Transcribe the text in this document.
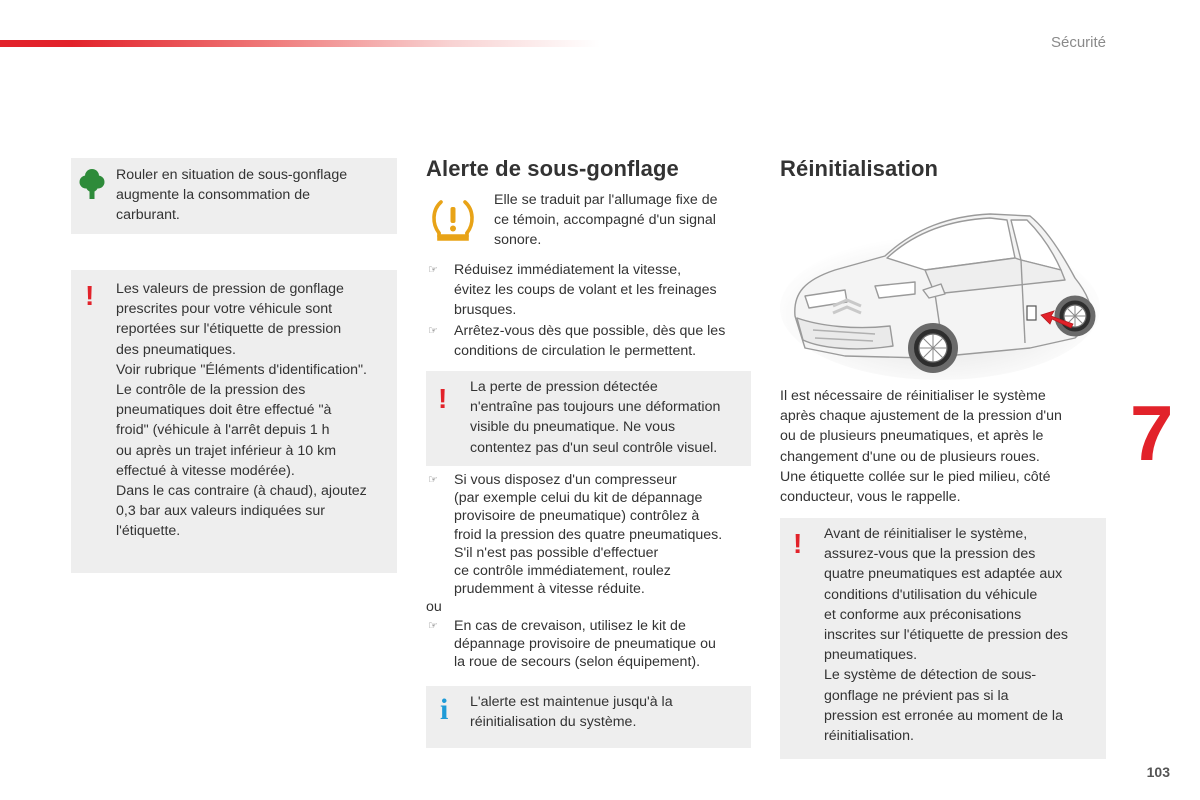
Sécurité
7
103

Rouler en situation de sous-gonflage

augmente la consommation de

carburant.

! Les valeurs de pression de gonflage

prescrites pour votre véhicule sont

reportées sur l'étiquette de pression

des pneumatiques.

Voir rubrique "Éléments d'identification".

Le contrôle de la pression des

pneumatiques doit être effectué "à

froid" (véhicule à l'arrêt depuis 1 h

ou après un trajet inférieur à 10 km

effectué à vitesse modérée).

Dans le cas contraire (à chaud), ajoutez

0,3 bar aux valeurs indiquées sur

l'étiquette.

Alerte de sous-gonflage

Elle se traduit par l'allumage fixe de

ce témoin, accompagné d'un signal

sonore.

☞ Réduisez immédiatement la vitesse,

évitez les coups de volant et les freinages

brusques.

☞ Arrêtez-vous dès que possible, dès que les

conditions de circulation le permettent.

! La perte de pression détectée

n'entraîne pas toujours une déformation

visible du pneumatique. Ne vous

contentez pas d'un seul contrôle visuel.

☞ Si vous disposez d'un compresseur

(par exemple celui du kit de dépannage

provisoire de pneumatique) contrôlez à

froid la pression des quatre pneumatiques.

S'il n'est pas possible d'effectuer

ce contrôle immédiatement, roulez

prudemment à vitesse réduite.

ou

☞ En cas de crevaison, utilisez le kit de

dépannage provisoire de pneumatique ou

la roue de secours (selon équipement).

i L'alerte est maintenue jusqu'à la

réinitialisation du système.

Réinitialisation

Il est nécessaire de réinitialiser le système

après chaque ajustement de la pression d'un

ou de plusieurs pneumatiques, et après le

changement d'une ou de plusieurs roues.

Une étiquette collée sur le pied milieu, côté

conducteur, vous le rappelle.

! Avant de réinitialiser le système,

assurez-vous que la pression des

quatre pneumatiques est adaptée aux

conditions d'utilisation du véhicule

et conforme aux préconisations

inscrites sur l'étiquette de pression des

pneumatiques.

Le système de détection de sous-

gonflage ne prévient pas si la

pression est erronée au moment de la

réinitialisation.
